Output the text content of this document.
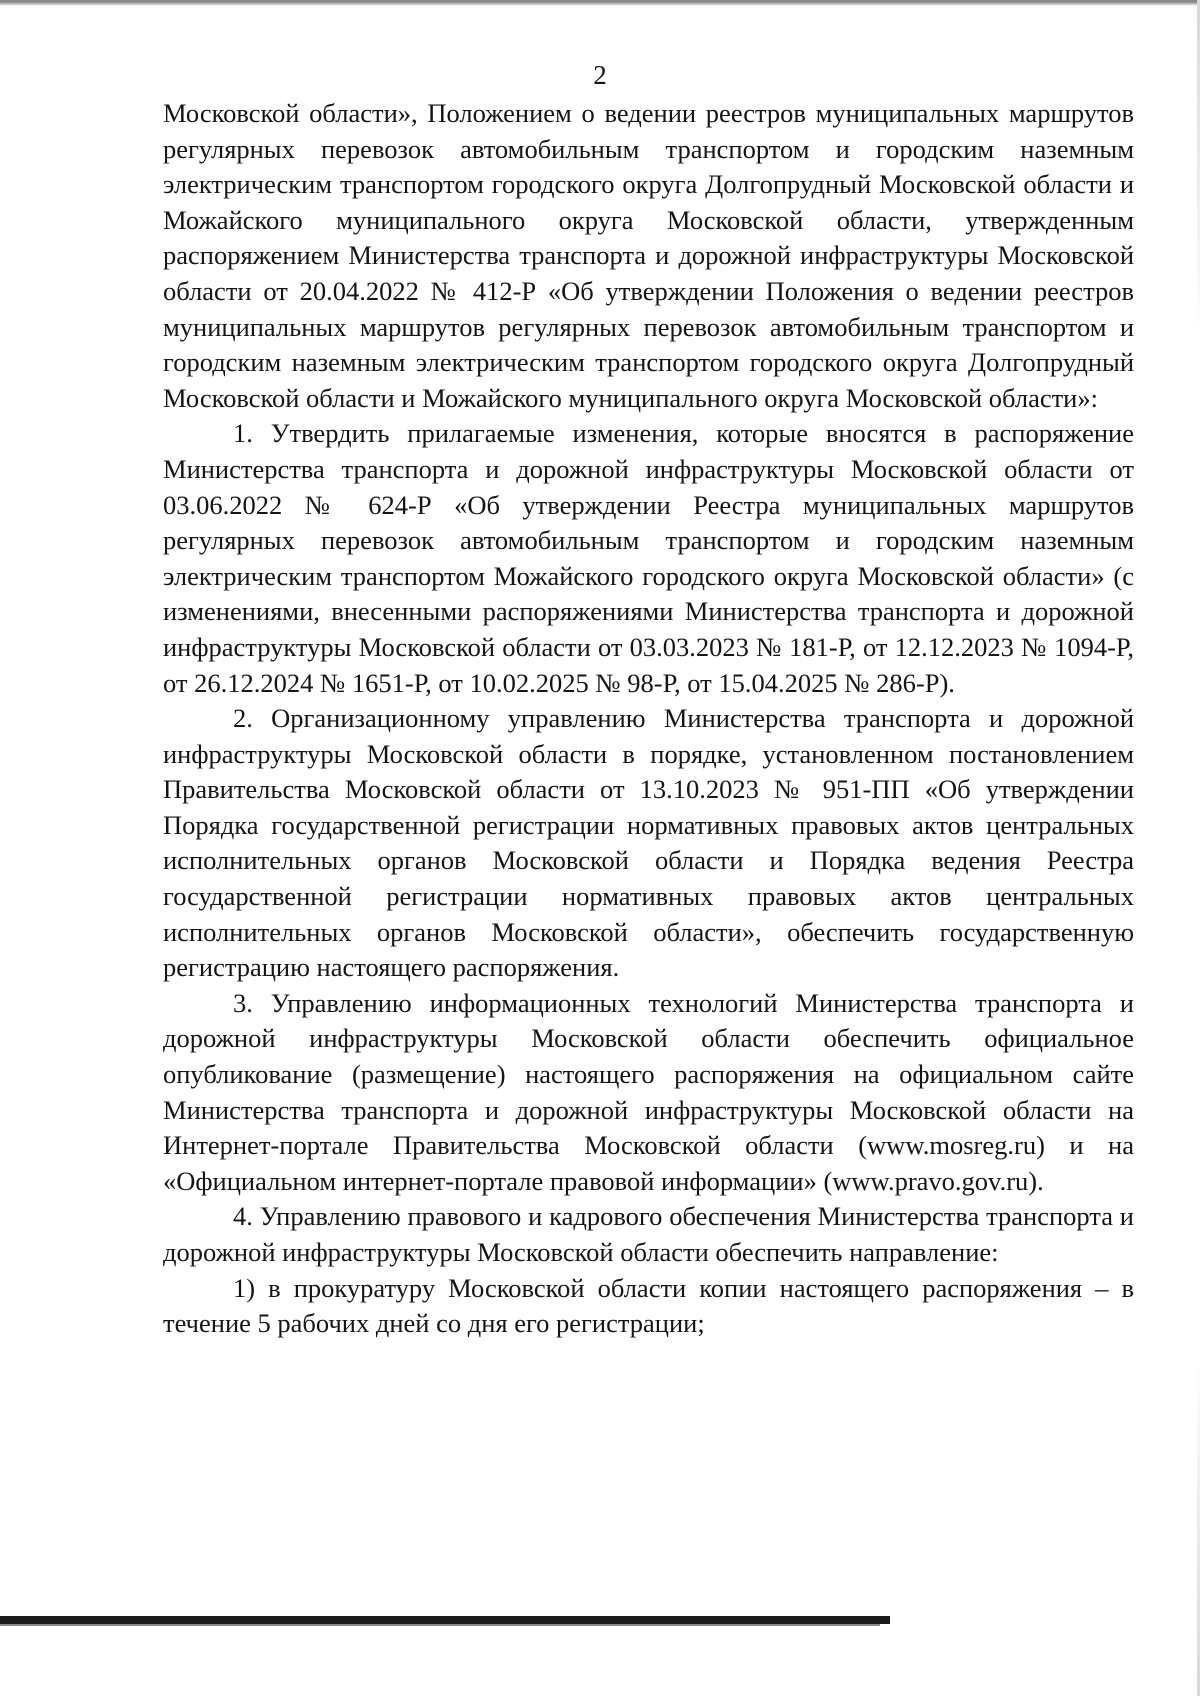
2

Московской области», Положением о ведении реестров муниципальных маршрутов регулярных перевозок автомобильным транспортом и городским наземным электрическим транспортом городского округа Долгопрудный Московской области и Можайского муниципального округа Московской области, утвержденным распоряжением Министерства транспорта и дорожной инфраструктуры Московской области от 20.04.2022 № 412-Р «Об утверждении Положения о ведении реестров муниципальных маршрутов регулярных перевозок автомобильным транспортом и городским наземным электрическим транспортом городского округа Долгопрудный Московской области и Можайского муниципального округа Московской области»:

1. Утвердить прилагаемые изменения, которые вносятся в распоряжение Министерства транспорта и дорожной инфраструктуры Московской области от 03.06.2022 № 624-Р «Об утверждении Реестра муниципальных маршрутов регулярных перевозок автомобильным транспортом и городским наземным электрическим транспортом Можайского городского округа Московской области» (с изменениями, внесенными распоряжениями Министерства транспорта и дорожной инфраструктуры Московской области от 03.03.2023 № 181-Р, от 12.12.2023 № 1094-Р, от 26.12.2024 № 1651-Р, от 10.02.2025 № 98-Р, от 15.04.2025 № 286-Р).

2. Организационному управлению Министерства транспорта и дорожной инфраструктуры Московской области в порядке, установленном постановлением Правительства Московской области от 13.10.2023 № 951-ПП «Об утверждении Порядка государственной регистрации нормативных правовых актов центральных исполнительных органов Московской области и Порядка ведения Реестра государственной регистрации нормативных правовых актов центральных исполнительных органов Московской области», обеспечить государственную регистрацию настоящего распоряжения.

3. Управлению информационных технологий Министерства транспорта и дорожной инфраструктуры Московской области обеспечить официальное опубликование (размещение) настоящего распоряжения на официальном сайте Министерства транспорта и дорожной инфраструктуры Московской области на Интернет-портале Правительства Московской области (www.mosreg.ru) и на «Официальном интернет-портале правовой информации» (www.pravo.gov.ru).

4. Управлению правового и кадрового обеспечения Министерства транспорта и дорожной инфраструктуры Московской области обеспечить направление:

1) в прокуратуру Московской области копии настоящего распоряжения – в течение 5 рабочих дней со дня его регистрации;
